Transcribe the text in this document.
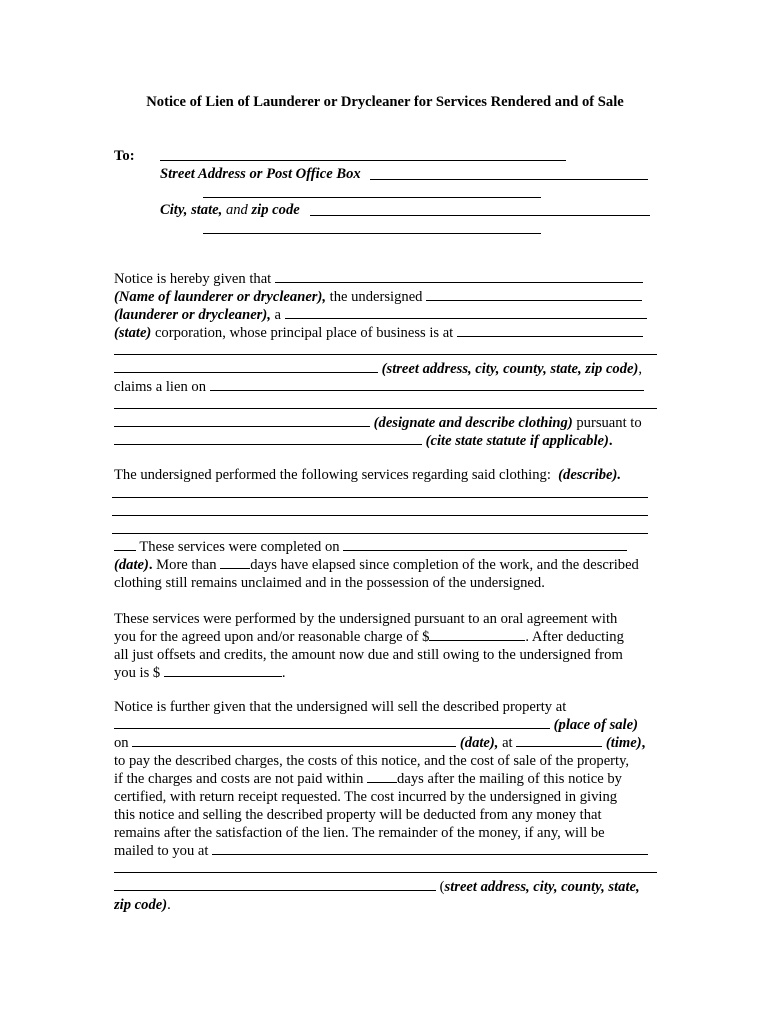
Notice of Lien of Launderer or Drycleaner for Services Rendered and of Sale
To:
Street Address or Post Office Box
City, state, and zip code
Notice is hereby given that
(Name of launderer or drycleaner), the undersigned
(launderer or drycleaner), a
(state) corporation, whose principal place of business is at
(street address, city, county, state, zip code),
claims a lien on
(designate and describe clothing) pursuant to
(cite state statute if applicable).
The undersigned performed the following services regarding said clothing: (describe).
These services were completed on
(date). More than days have elapsed since completion of the work, and the described
clothing still remains unclaimed and in the possession of the undersigned.
These services were performed by the undersigned pursuant to an oral agreement with
you for the agreed upon and/or reasonable charge of $	. After deducting
all just offsets and credits, the amount now due and still owing to the undersigned from
you is $	.
Notice is further given that the undersigned will sell the described property at
(place of sale)
on	(date), at	(time),
to pay the described charges, the costs of this notice, and the cost of sale of the property,
if the charges and costs are not paid within days after the mailing of this notice by
certified, with return receipt requested. The cost incurred by the undersigned in giving
this notice and selling the described property will be deducted from any money that
remains after the satisfaction of the lien. The remainder of the money, if any, will be
mailed to you at
(street address, city, county, state,
zip code).
